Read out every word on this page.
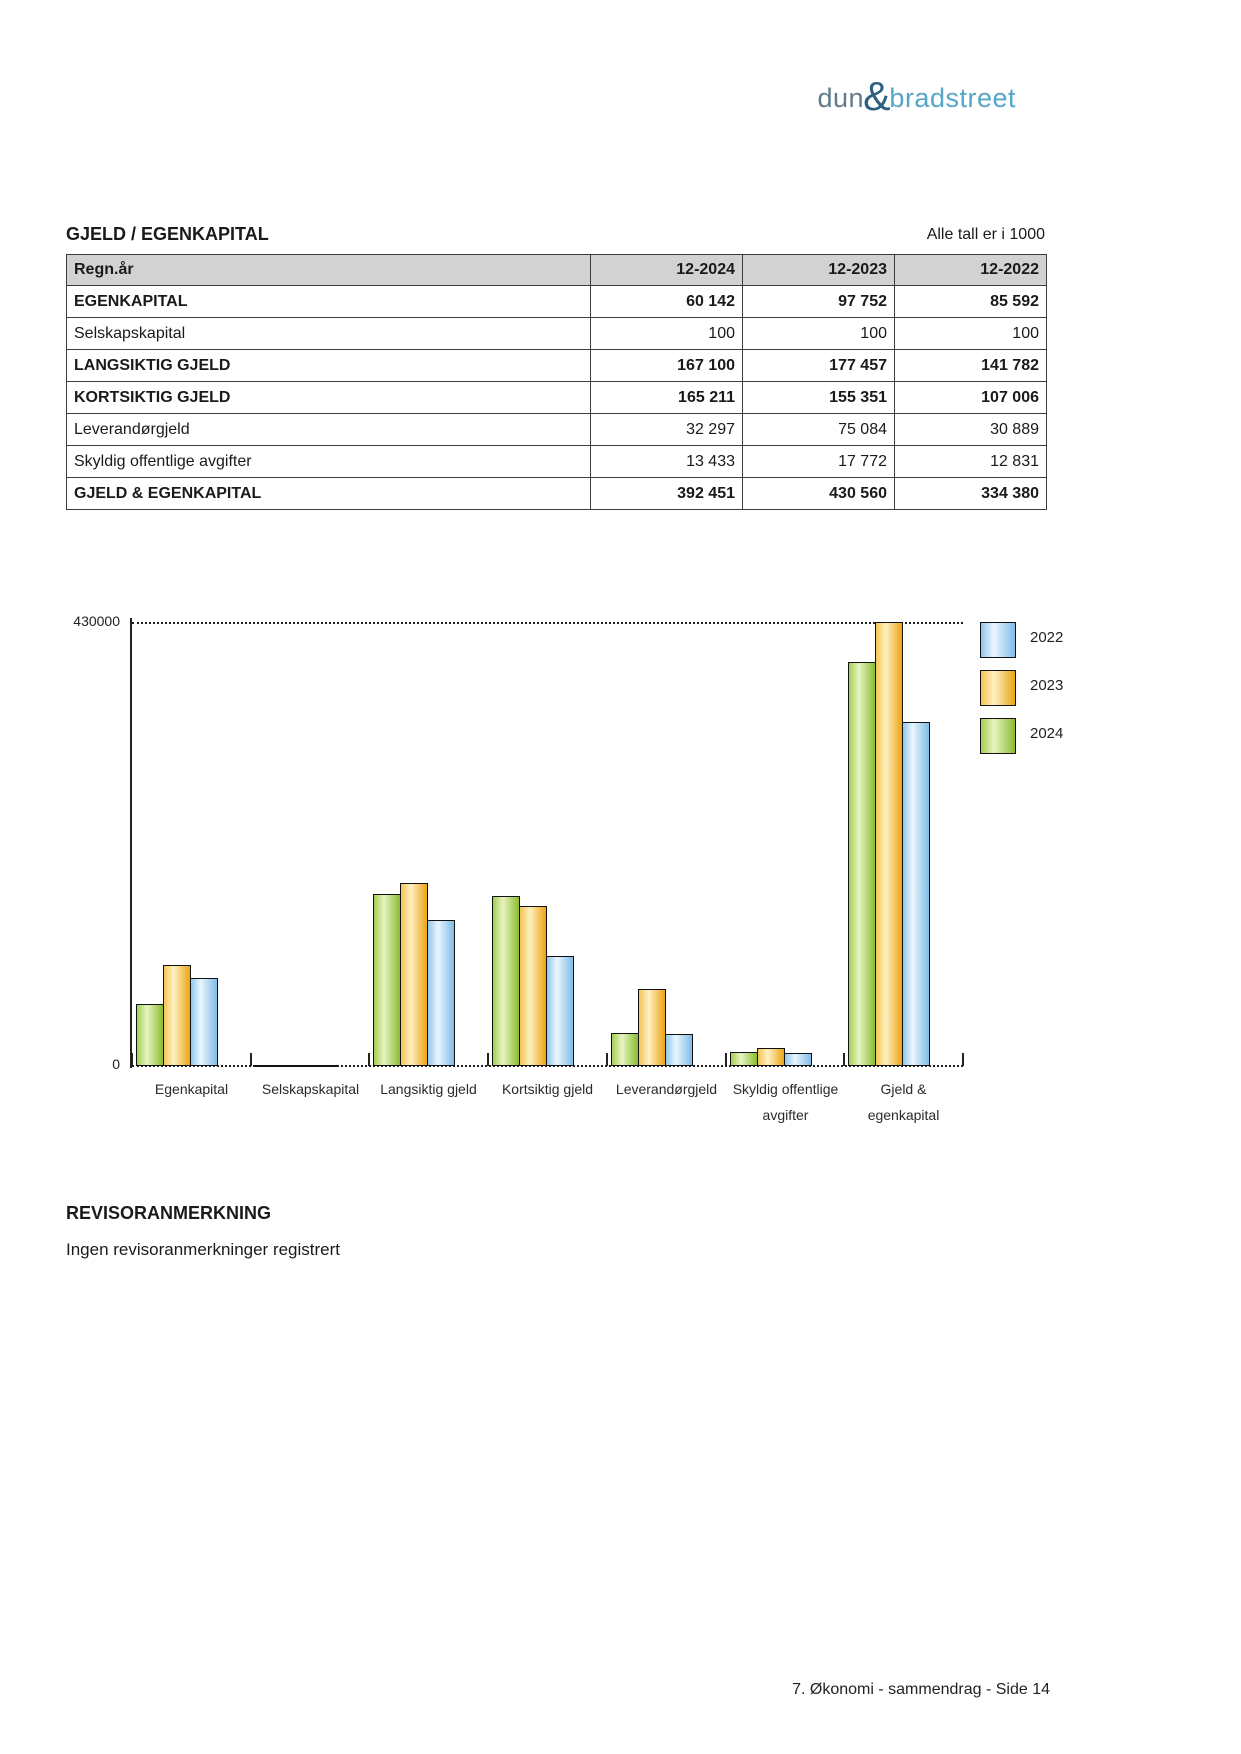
dun & bradstreet
GJELD / EGENKAPITAL	Alle tall er i 1000
Regn.år	12-2024	12-2023	12-2022
EGENKAPITAL	60 142	97 752	85 592
Selskapskapital	100	100	100
LANGSIKTIG GJELD	167 100	177 457	141 782
KORTSIKTIG GJELD	165 211	155 351	107 006
Leverandørgjeld	32 297	75 084	30 889
Skyldig offentlige avgifter	13 433	17 772	12 831
GJELD & EGENKAPITAL	392 451	430 560	334 380
430000
0
Egenkapital	Selskapskapital	Langsiktig gjeld	Kortsiktig gjeld	Leverandørgjeld	Skyldig offentlige
avgifter
Gjeld &
egenkapital
2022
2023
2024
REVISORANMERKNING
Ingen revisoranmerkninger registrert
7. Økonomi - sammendrag - Side 14
